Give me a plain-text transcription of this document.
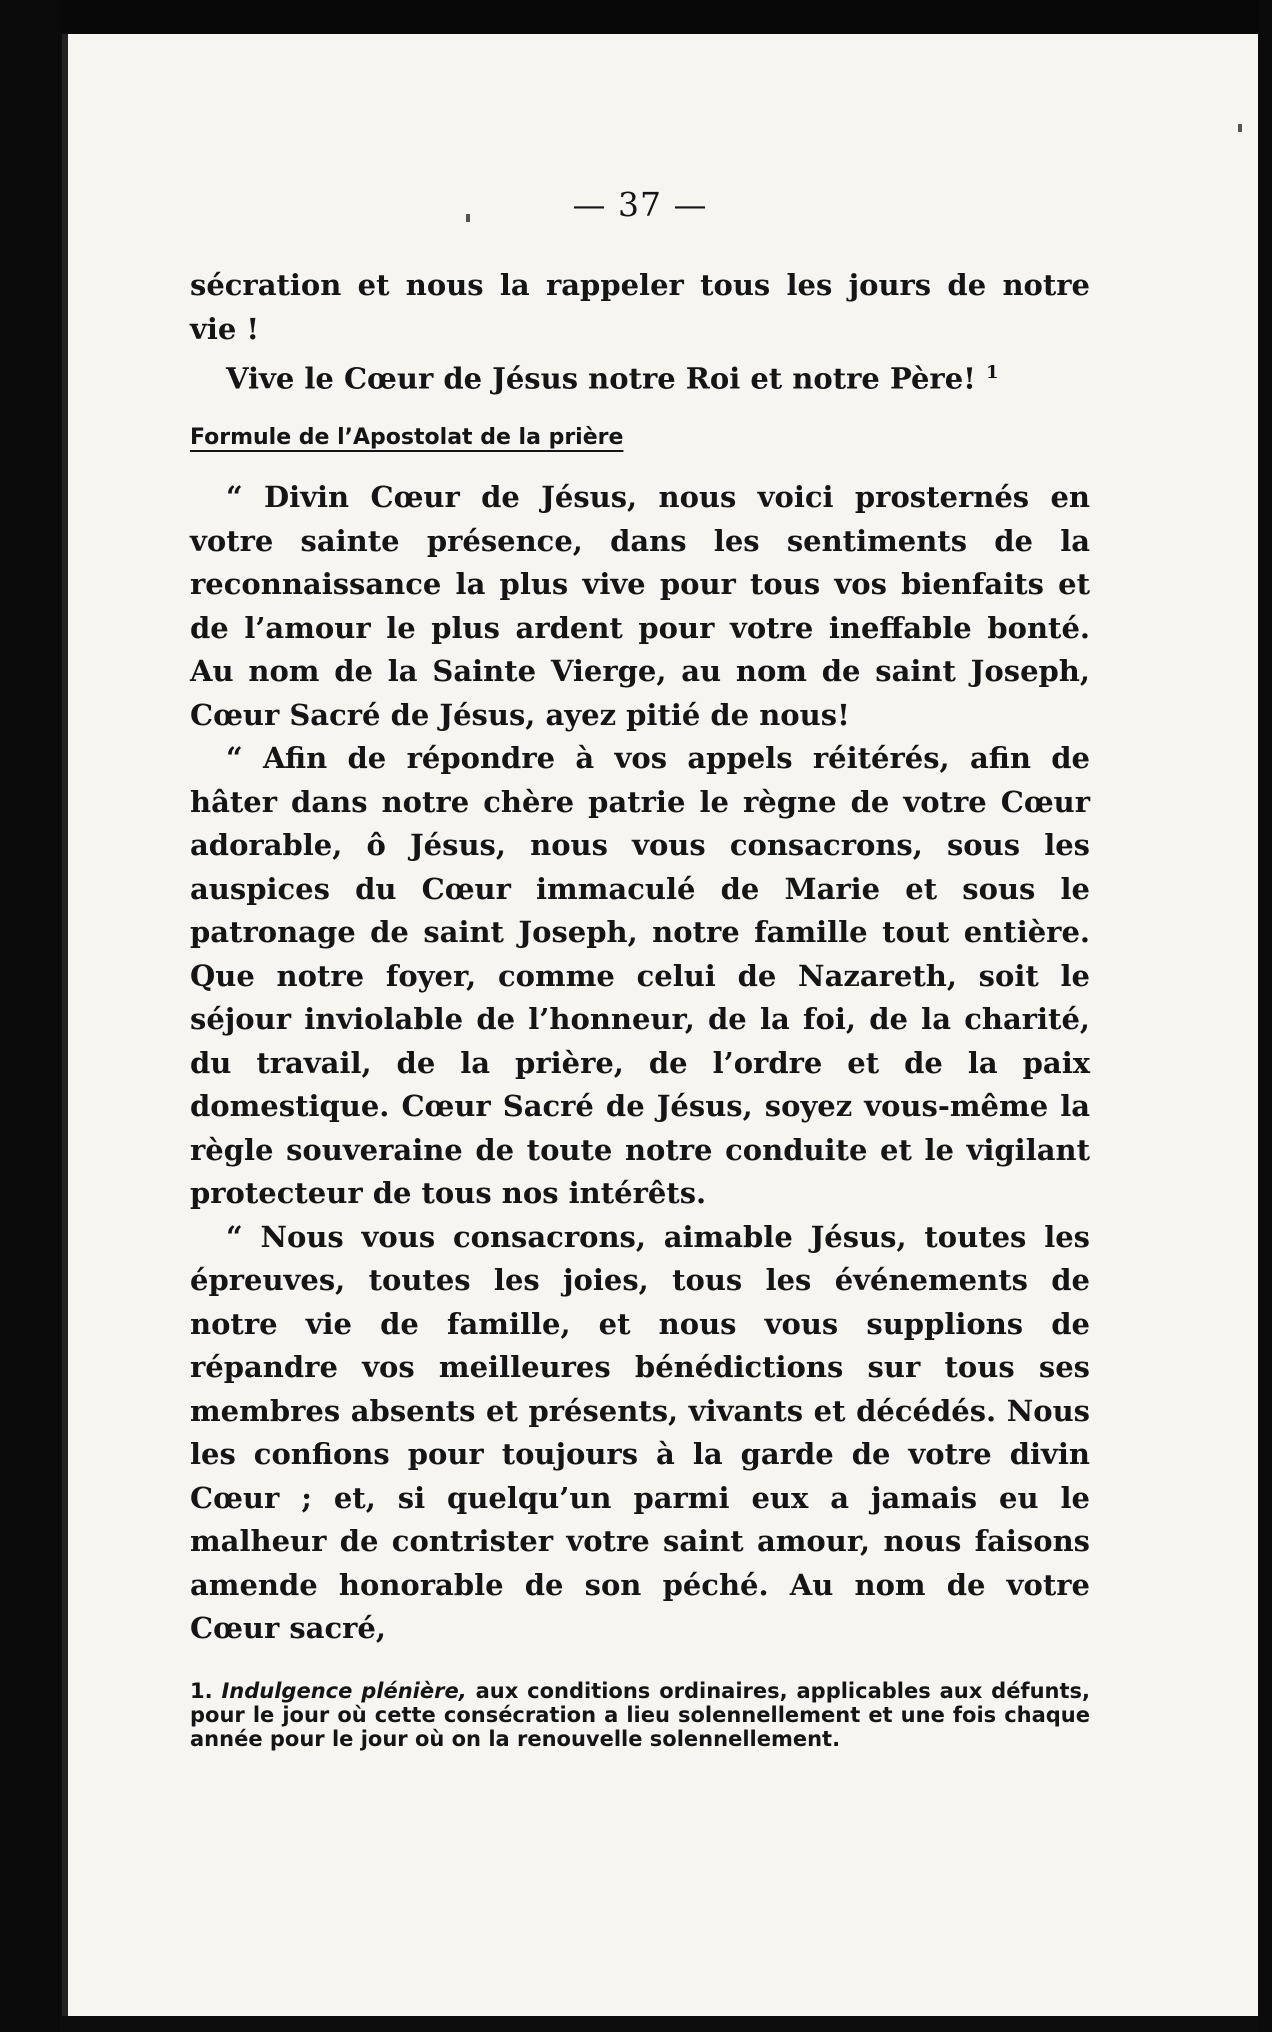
— 37 —

sécration et nous la rappeler tous les jours de notre vie !

Vive le Cœur de Jésus notre Roi et notre Père! $^1$

Formule de l’Apostolat de la prière

“ Divin Cœur de Jésus, nous voici prosternés en votre sainte présence, dans les sentiments de la reconnaissance la plus vive pour tous vos bienfaits et de l’amour le plus ardent pour votre ineffable bonté. Au nom de la Sainte Vierge, au nom de saint Joseph, Cœur Sacré de Jésus, ayez pitié de nous!

“ Afin de répondre à vos appels réitérés, afin de hâter dans notre chère patrie le règne de votre Cœur adorable, ô Jésus, nous vous consacrons, sous les auspices du Cœur immaculé de Marie et sous le patronage de saint Joseph, notre famille tout entière. Que notre foyer, comme celui de Nazareth, soit le séjour inviolable de l’honneur, de la foi, de la charité, du travail, de la prière, de l’ordre et de la paix domestique. Cœur Sacré de Jésus, soyez vous-même la règle souveraine de toute notre conduite et le vigilant protecteur de tous nos intérêts.

“ Nous vous consacrons, aimable Jésus, toutes les épreuves, toutes les joies, tous les événements de notre vie de famille, et nous vous supplions de répandre vos meilleures bénédictions sur tous ses membres absents et présents, vivants et décédés. Nous les confions pour toujours à la garde de votre divin Cœur ; et, si quelqu’un parmi eux a jamais eu le malheur de contrister votre saint amour, nous faisons amende honorable de son péché. Au nom de votre Cœur sacré,

1. Indulgence plénière, aux conditions ordinaires, applicables aux défunts, pour le jour où cette consécration a lieu solennellement et une fois chaque année pour le jour où on la renouvelle solennellement.
